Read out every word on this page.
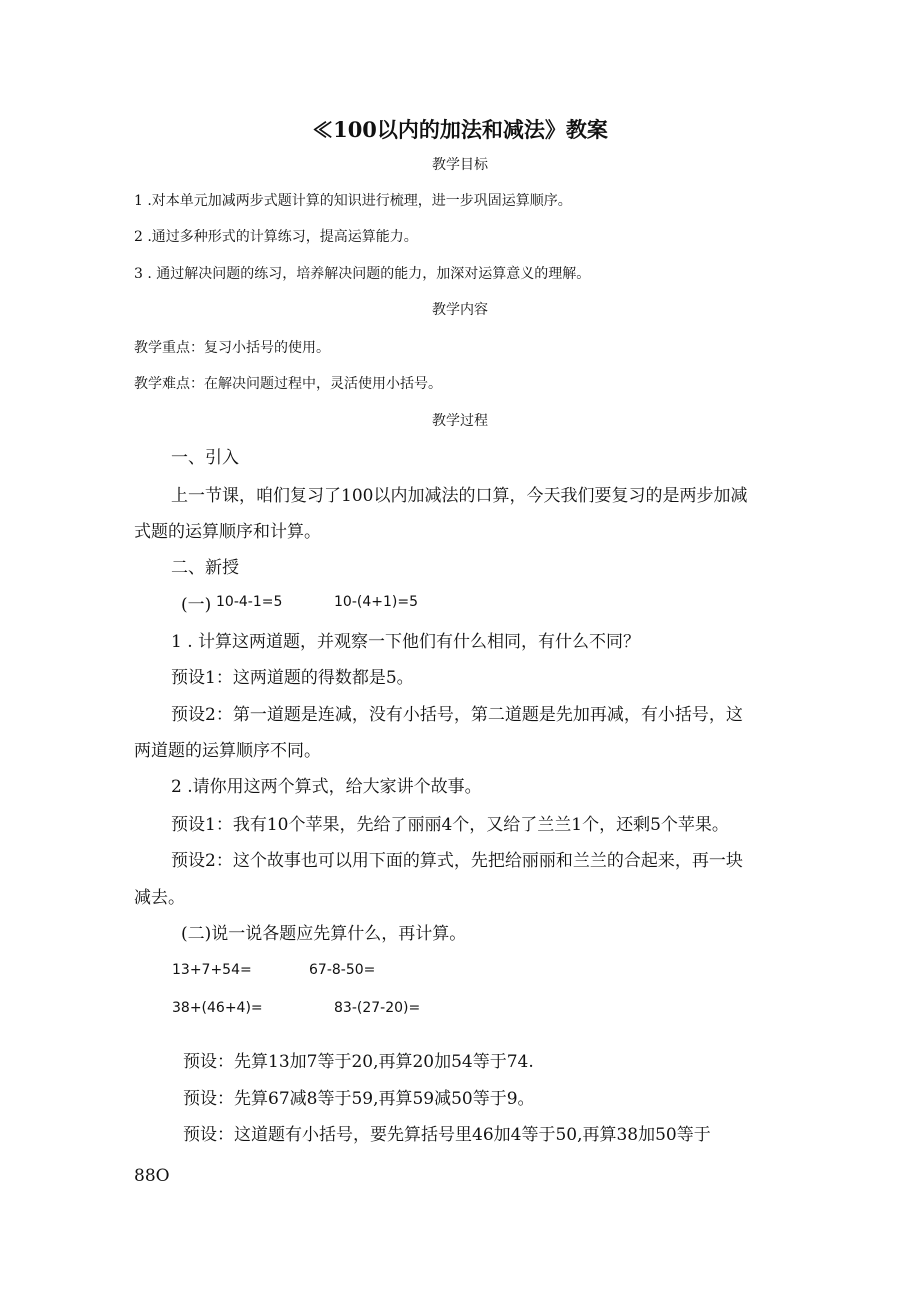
≪100以内的加法和减法》教案
教学目标
1 .对本单元加减两步式题计算的知识进行梳理，进一步巩固运算顺序。
2 .通过多种形式的计算练习，提高运算能力。
3 . 通过解决问题的练习，培养解决问题的能力，加深对运算意义的理解。
教学内容
教学重点：复习小括号的使用。
教学难点：在解决问题过程中，灵活使用小括号。
教学过程
一、引入
上一节课，咱们复习了100以内加减法的口算，今天我们要复习的是两步加减
式题的运算顺序和计算。
二、新授
(一) 10-4-1=5	10-(4+1)=5
1 . 计算这两道题，并观察一下他们有什么相同，有什么不同？
预设1：这两道题的得数都是5。
预设2：第一道题是连减，没有小括号，第二道题是先加再减，有小括号，这
两道题的运算顺序不同。
2 .请你用这两个算式，给大家讲个故事。
预设1：我有10个苹果，先给了丽丽4个，又给了兰兰1个，还剩5个苹果。
预设2：这个故事也可以用下面的算式，先把给丽丽和兰兰的合起来，再一块
减去。
(二)说一说各题应先算什么，再计算。
13+7+54=	67-8-50=
38+(46+4)=	83-(27-20)=
预设：先算13加7等于20,再算20加54等于74.
预设：先算67减8等于59,再算59减50等于9。
预设：这道题有小括号，要先算括号里46加4等于50,再算38加50等于
88O
